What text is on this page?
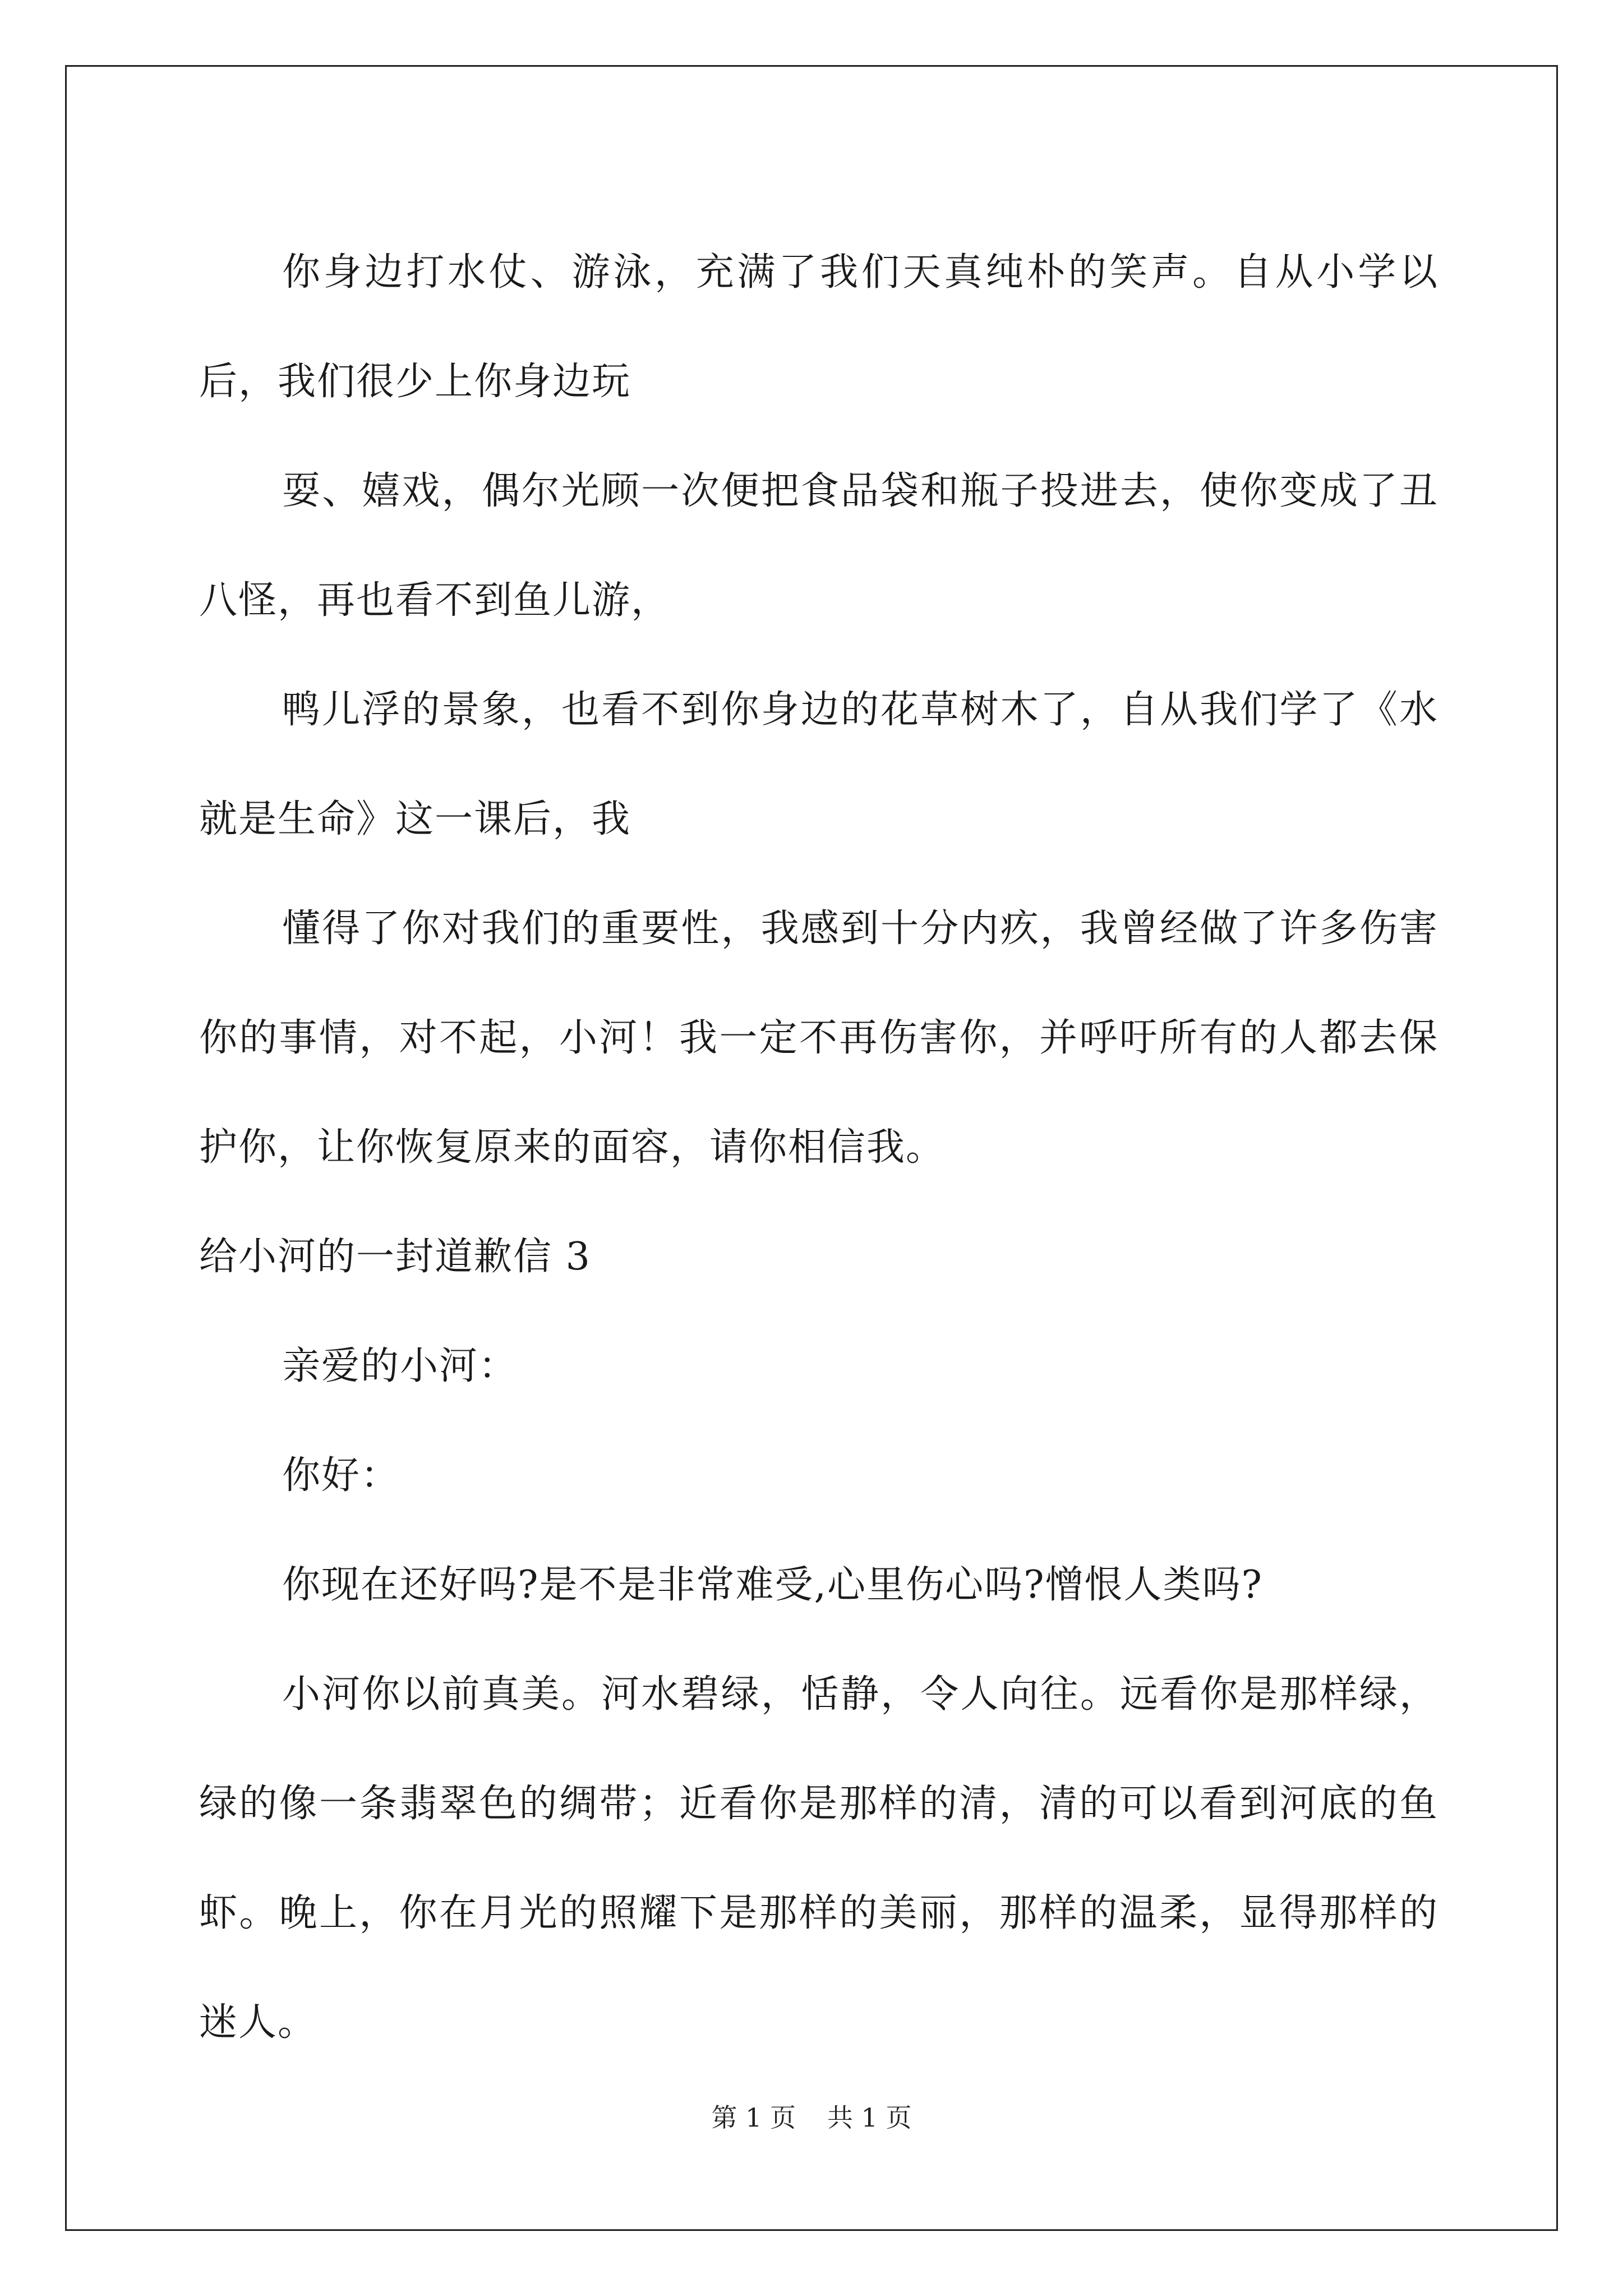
你身边打水仗、游泳，充满了我们天真纯朴的笑声。自从小学以后，我们很少上你身边玩

耍、嬉戏，偶尔光顾一次便把食品袋和瓶子投进去，使你变成了丑八怪，再也看不到鱼儿游，

鸭儿浮的景象，也看不到你身边的花草树木了，自从我们学了《水就是生命》这一课后，我

懂得了你对我们的重要性，我感到十分内疚，我曾经做了许多伤害你的事情，对不起，小河！我一定不再伤害你，并呼吁所有的人都去保护你，让你恢复原来的面容，请你相信我。

给小河的一封道歉信 3

亲爱的小河：

你好：

你现在还好吗?是不是非常难受,心里伤心吗?憎恨人类吗?

小河你以前真美。河水碧绿，恬静，令人向往。远看你是那样绿，绿的像一条翡翠色的绸带；近看你是那样的清，清的可以看到河底的鱼虾。晚上，你在月光的照耀下是那样的美丽，那样的温柔，显得那样的迷人。

第 1 页 共 1 页
